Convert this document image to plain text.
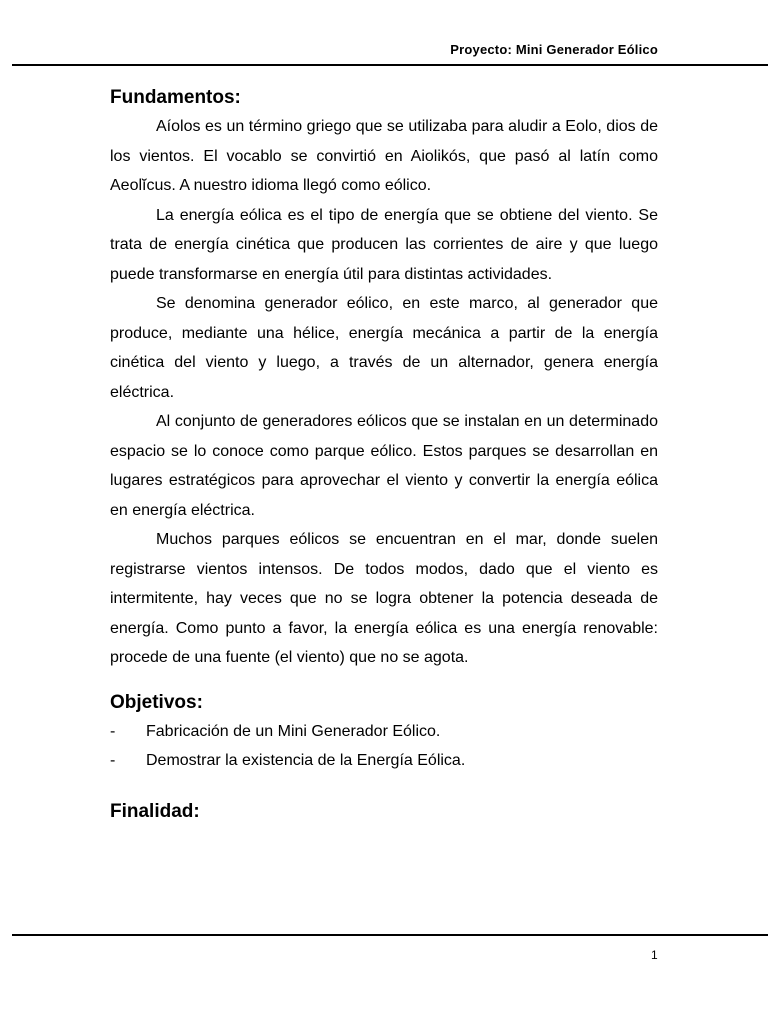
Proyecto: Mini Generador Eólico
Fundamentos:

Aíolos es un término griego que se utilizaba para aludir a Eolo, dios de los vientos. El vocablo se convirtió en Aiolikós, que pasó al latín como Aeolĭcus. A nuestro idioma llegó como eólico.

La energía eólica es el tipo de energía que se obtiene del viento. Se trata de energía cinética que producen las corrientes de aire y que luego puede transformarse en energía útil para distintas actividades.

Se denomina generador eólico, en este marco, al generador que produce, mediante una hélice, energía mecánica a partir de la energía cinética del viento y luego, a través de un alternador, genera energía eléctrica.

Al conjunto de generadores eólicos que se instalan en un determinado espacio se lo conoce como parque eólico. Estos parques se desarrollan en lugares estratégicos para aprovechar el viento y convertir la energía eólica en energía eléctrica.

Muchos parques eólicos se encuentran en el mar, donde suelen registrarse vientos intensos. De todos modos, dado que el viento es intermitente, hay veces que no se logra obtener la potencia deseada de energía. Como punto a favor, la energía eólica es una energía renovable: procede de una fuente (el viento) que no se agota.

Objetivos:
-	Fabricación de un Mini Generador Eólico.
-	Demostrar la existencia de la Energía Eólica.
Finalidad:
1
